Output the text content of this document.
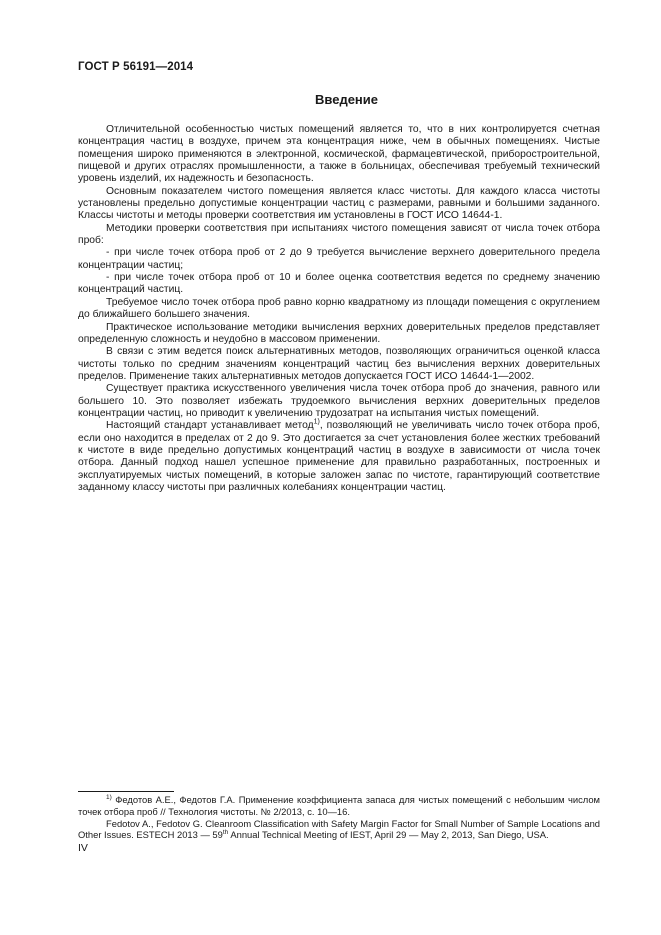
ГОСТ Р 56191—2014
Введение

Отличительной особенностью чистых помещений является то, что в них контролируется счетная концентрация частиц в воздухе, причем эта концентрация ниже, чем в обычных помещениях. Чистые помещения широко применяются в электронной, космической, фармацевтической, приборостроительной, пищевой и других отраслях промышленности, а также в больницах, обеспечивая требуемый технический уровень изделий, их надежность и безопасность.

Основным показателем чистого помещения является класс чистоты. Для каждого класса чистоты установлены предельно допустимые концентрации частиц с размерами, равными и большими заданного. Классы чистоты и методы проверки соответствия им установлены в ГОСТ ИСО 14644-1.

Методики проверки соответствия при испытаниях чистого помещения зависят от числа точек отбора проб:

- при числе точек отбора проб от 2 до 9 требуется вычисление верхнего доверительного предела концентрации частиц;

- при числе точек отбора проб от 10 и более оценка соответствия ведется по среднему значению концентраций частиц.

Требуемое число точек отбора проб равно корню квадратному из площади помещения с округлением до ближайшего большего значения.

Практическое использование методики вычисления верхних доверительных пределов представляет определенную сложность и неудобно в массовом применении.

В связи с этим ведется поиск альтернативных методов, позволяющих ограничиться оценкой класса чистоты только по средним значениям концентраций частиц без вычисления верхних доверительных пределов. Применение таких альтернативных методов допускается ГОСТ ИСО 14644-1—2002.

Существует практика искусственного увеличения числа точек отбора проб до значения, равного или большего 10. Это позволяет избежать трудоемкого вычисления верхних доверительных пределов концентрации частиц, но приводит к увеличению трудозатрат на испытания чистых помещений.

Настоящий стандарт устанавливает метод$^{1)}$, позволяющий не увеличивать число точек отбора проб, если оно находится в пределах от 2 до 9. Это достигается за счет установления более жестких требований к чистоте в виде предельно допустимых концентраций частиц в воздухе в зависимости от числа точек отбора. Данный подход нашел успешное применение для правильно разработанных, построенных и эксплуатируемых чистых помещений, в которые заложен запас по чистоте, гарантирующий соответствие заданному классу чистоты при различных колебаниях концентрации частиц.

$^{1)}$ Федотов А.Е., Федотов Г.А. Применение коэффициента запаса для чистых помещений с небольшим числом точек отбора проб // Технология чистоты. № 2/2013, с. 10—16.

Fedotov A., Fedotov G. Cleanroom Classification with Safety Margin Factor for Small Number of Sample Locations and Other Issues. ESTECH 2013 — 59th Annual Technical Meeting of IEST, April 29 — May 2, 2013, San Diego, USA.

IV
